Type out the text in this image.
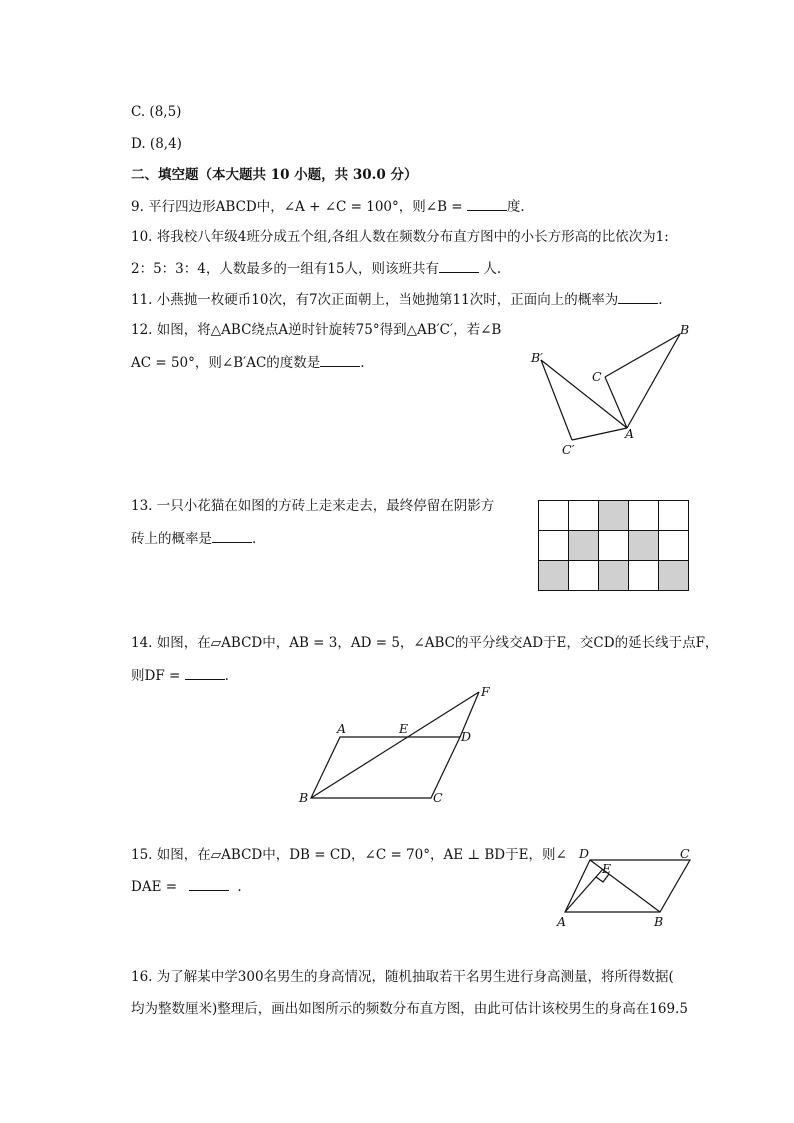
C. (8,5)
D. (8,4)
二、填空题（本大题共 10 小题，共 30.0 分）
9. 平行四边形ABCD中，∠A + ∠C = 100°，则∠B =	度.
10. 将我校八年级4班分成五个组,各组人数在频数分布直方图中的小长方形高的比依次为1:
2：5：3：4，人数最多的一组有15人，则该班共有	人.
11. 小燕抛一枚硬币10次，有7次正面朝上，当她抛第11次时，正面向上的概率为	.
12. 如图，将△ABC绕点A逆时针旋转75°得到△AB′C′，若∠B
AC = 50°，则∠B′AC的度数是	.
B
B′
C
C′
A
13. 一只小花猫在如图的方砖上走来走去，最终停留在阴影方
砖上的概率是	.
14. 如图，在▱ABCD中，AB = 3，AD = 5，∠ABC的平分线交AD于E，交CD的延长线于点F，
则DF =	.
A	E
D
F
B	C
15. 如图，在▱ABCD中，DB = CD，∠C = 70°，AE ⊥ BD于E，则∠
DAE =	.
D	C
E
A	B
16. 为了解某中学300名男生的身高情况，随机抽取若干名男生进行身高测量，将所得数据(
均为整数厘米)整理后，画出如图所示的频数分布直方图，由此可估计该校男生的身高在169.5
